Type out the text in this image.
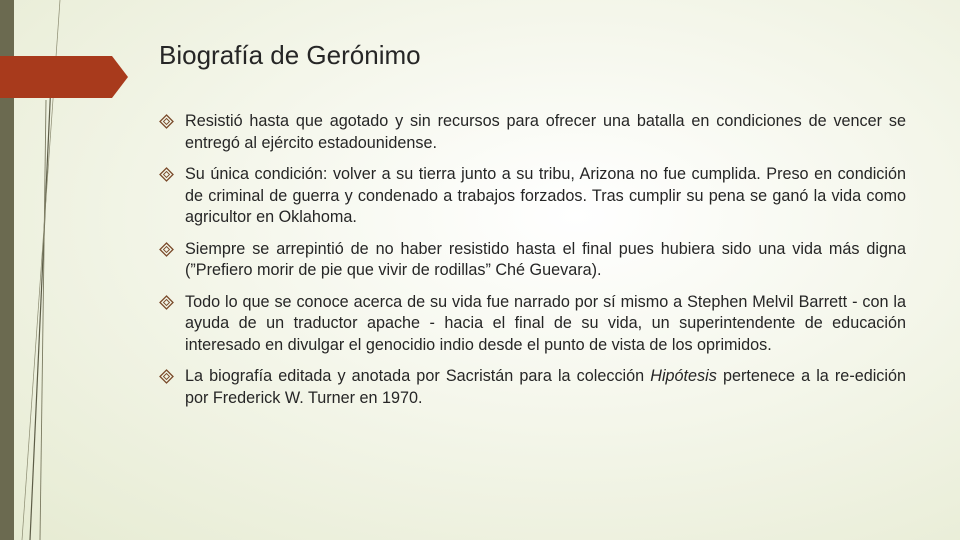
Biografía de Gerónimo
Resistió hasta que agotado y sin recursos para ofrecer una batalla en condiciones de vencer se entregó al ejército estadounidense.
Su única condición: volver a su tierra junto a su tribu, Arizona no fue cumplida. Preso en condición de criminal de guerra y condenado a trabajos forzados. Tras cumplir su pena se ganó la vida como agricultor en Oklahoma.
Siempre se arrepintió de no haber resistido hasta el final pues hubiera sido una vida más digna (”Prefiero morir de pie que vivir de rodillas” Ché Guevara).
Todo lo que se conoce acerca de su vida fue narrado por sí mismo a Stephen Melvil Barrett - con la ayuda de un traductor apache - hacia el final de su vida, un superintendente de educación interesado en divulgar el genocidio indio desde el punto de vista de los oprimidos.
La biografía editada y anotada por Sacristán para la colección Hipótesis pertenece a la re-edición por Frederick W. Turner en 1970.
